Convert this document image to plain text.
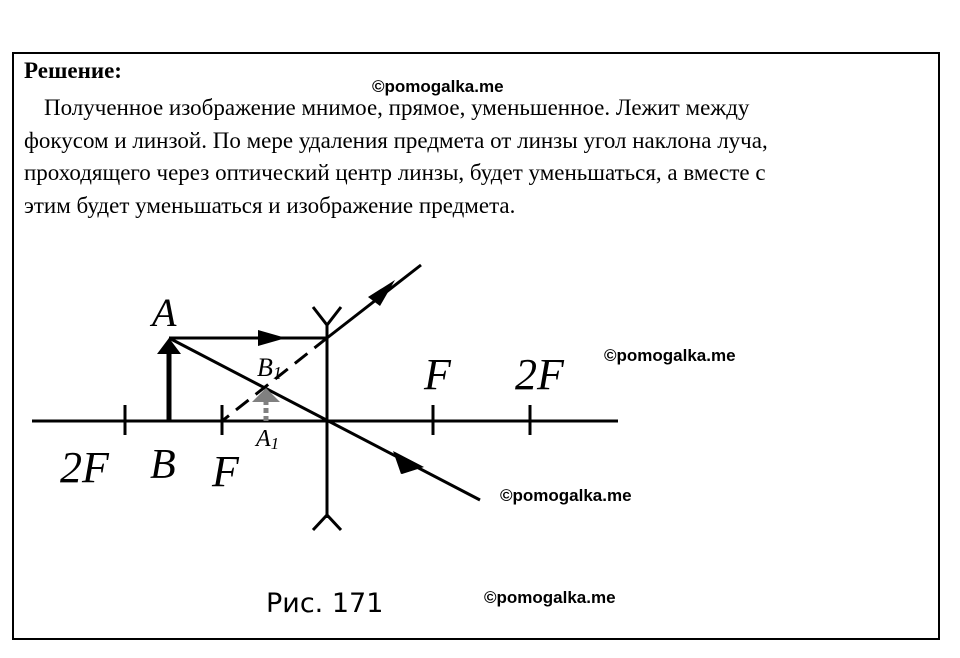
Решение:
Полученное изображение мнимое, прямое, уменьшенное. Лежит между
фокусом и линзой. По мере удаления предмета от линзы угол наклона луча,
проходящего через оптический центр линзы, будет уменьшаться, а вместе с
этим будет уменьшаться и изображение предмета.
A
B
B1
A1
2F F
F 2F
©pomogalka.me
©pomogalka.me
©pomogalka.me
©pomogalka.me
Рис. 171
